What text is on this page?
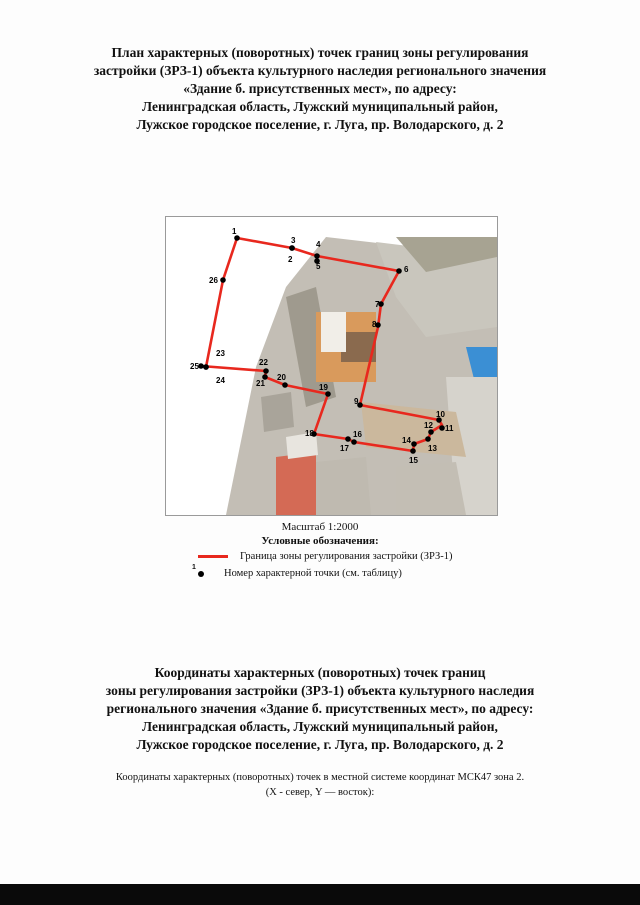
План характерных (поворотных) точек границ зоны регулирования
застройки (ЗРЗ-1) объекта культурного наследия регионального значения
«Здание б. присутственных мест», по адресу:
Ленинградская область, Лужский муниципальный район,
Лужское городское поселение, г. Луга, пр. Володарского, д. 2
1
2
3	4
5	6
7
8
9
10
11
12
13
14
15
16
17
18
19
20
21
22
23
24
25
26
Масштаб 1:2000
Условные обозначения:
Граница зоны регулирования застройки (ЗРЗ-1)
1
Номер характерной точки (см. таблицу)
Координаты характерных (поворотных) точек границ
зоны регулирования застройки (ЗРЗ-1) объекта культурного наследия
регионального значения «Здание б. присутственных мест», по адресу:
Ленинградская область, Лужский муниципальный район,
Лужское городское поселение, г. Луга, пр. Володарского, д. 2
Координаты характерных (поворотных) точек в местной системе координат МСК47 зона 2.
(X - север, Y — восток):
